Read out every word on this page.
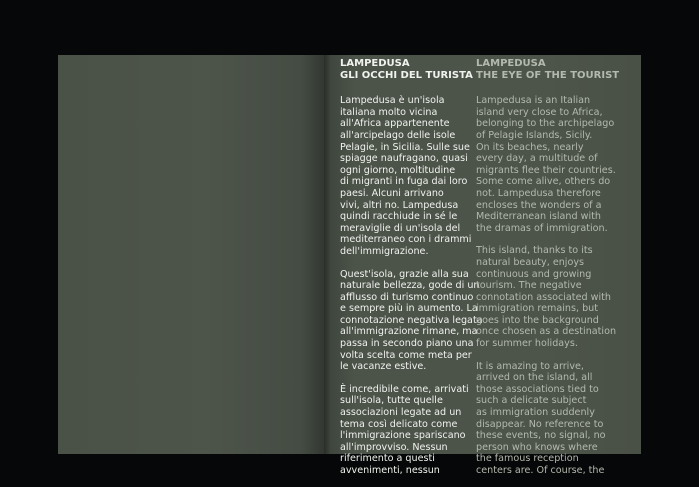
LAMPEDUSA
GLI OCCHI DEL TURISTA

Lampedusa è un'isola
italiana molto vicina
all'Africa appartenente
all'arcipelago delle isole
Pelagie, in Sicilia. Sulle sue
spiagge naufragano, quasi
ogni giorno, moltitudine
di migranti in fuga dai loro
paesi. Alcuni arrivano
vivi, altri no. Lampedusa
quindi racchiude in sé le
meraviglie di un'isola del
mediterraneo con i drammi
dell'immigrazione.

Quest'isola, grazie alla sua
naturale bellezza, gode di un
afflusso di turismo continuo
e sempre più in aumento. La
connotazione negativa legata
all'immigrazione rimane, ma
passa in secondo piano una
volta scelta come meta per
le vacanze estive.

È incredibile come, arrivati
sull'isola, tutte quelle
associazioni legate ad un
tema così delicato come
l'immigrazione spariscano
all'improvviso. Nessun
riferimento a questi
avvenimenti, nessun

LAMPEDUSA
THE EYE OF THE TOURIST

Lampedusa is an Italian
island very close to Africa,
belonging to the archipelago
of Pelagie Islands, Sicily.
On its beaches, nearly
every day, a multitude of
migrants flee their countries.
Some come alive, others do
not. Lampedusa therefore
encloses the wonders of a
Mediterranean island with
the dramas of immigration.

This island, thanks to its
natural beauty, enjoys
continuous and growing
tourism. The negative
connotation associated with
immigration remains, but
goes into the background
once chosen as a destination
for summer holidays.

It is amazing to arrive,
arrived on the island, all
those associations tied to
such a delicate subject
as immigration suddenly
disappear. No reference to
these events, no signal, no
person who knows where
the famous reception
centers are. Of course, the
